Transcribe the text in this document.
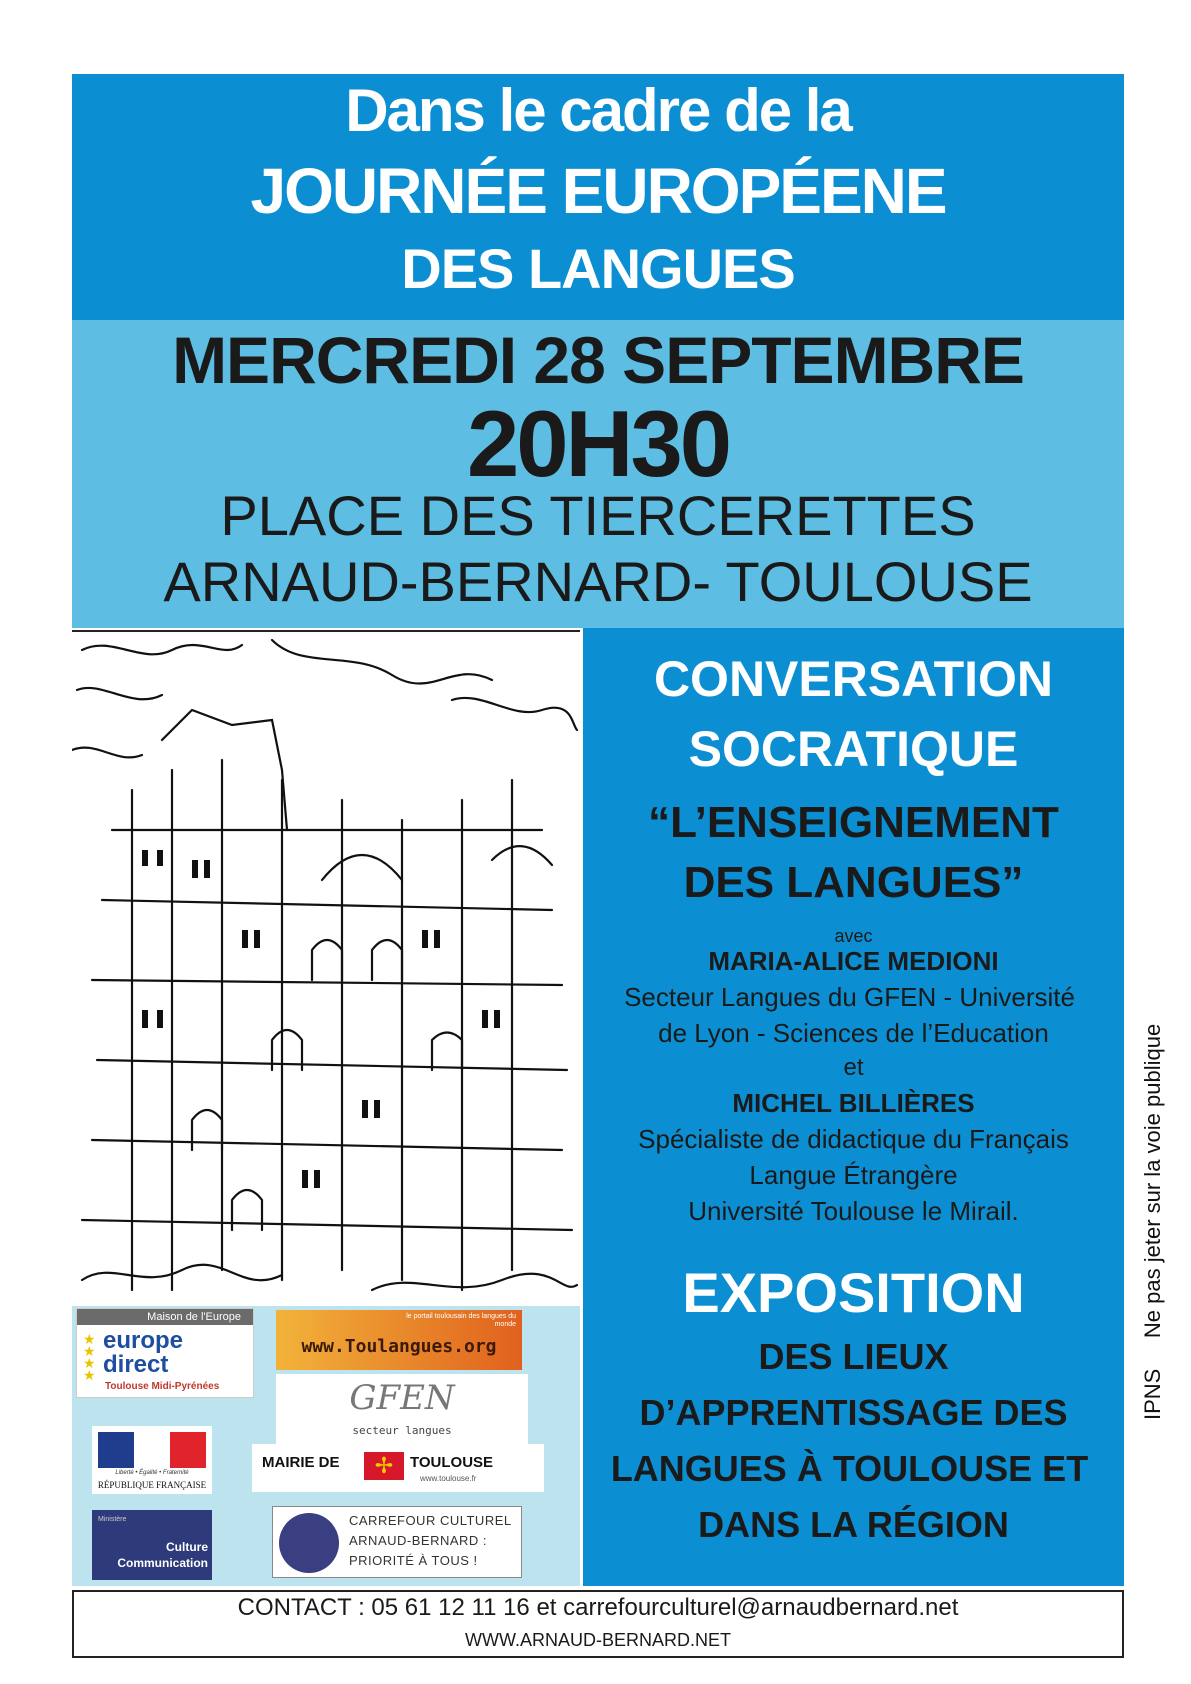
Dans le cadre de la
JOURNÉE EUROPÉENE
DES LANGUES
MERCREDI 28 SEPTEMBRE
20H30
PLACE DES TIERCERETTES
ARNAUD-BERNARD- TOULOUSE
Maison de l'Europe
★
★
★
★
europe
direct
Toulouse Midi-Pyrénées
le portail toulousain des langues du monde
www.Toulangues.org
GFEN
secteur langues
Liberté • Égalité • Fraternité
RÉPUBLIQUE FRANÇAISE
MAIRIE DE	✢	TOULOUSE
www.toulouse.fr
Ministère
Culture
Communication
CARREFOUR CULTUREL
ARNAUD-BERNARD :
PRIORITÉ À TOUS !
CONVERSATION
SOCRATIQUE
“L’ENSEIGNEMENT
DES LANGUES”
avec
MARIA-ALICE MEDIONI
Secteur Langues du GFEN - Université
de Lyon - Sciences de l’Education
et
MICHEL BILLIÈRES
Spécialiste de didactique du Français
Langue Étrangère
Université Toulouse le Mirail.
EXPOSITION
DES LIEUX
D’APPRENTISSAGE DES
LANGUES À TOULOUSE ET
DANS LA RÉGION
IPNS     Ne pas jeter sur la voie publique
CONTACT : 05 61 12 11 16 et carrefourculturel@arnaudbernard.net
WWW.ARNAUD-BERNARD.NET
